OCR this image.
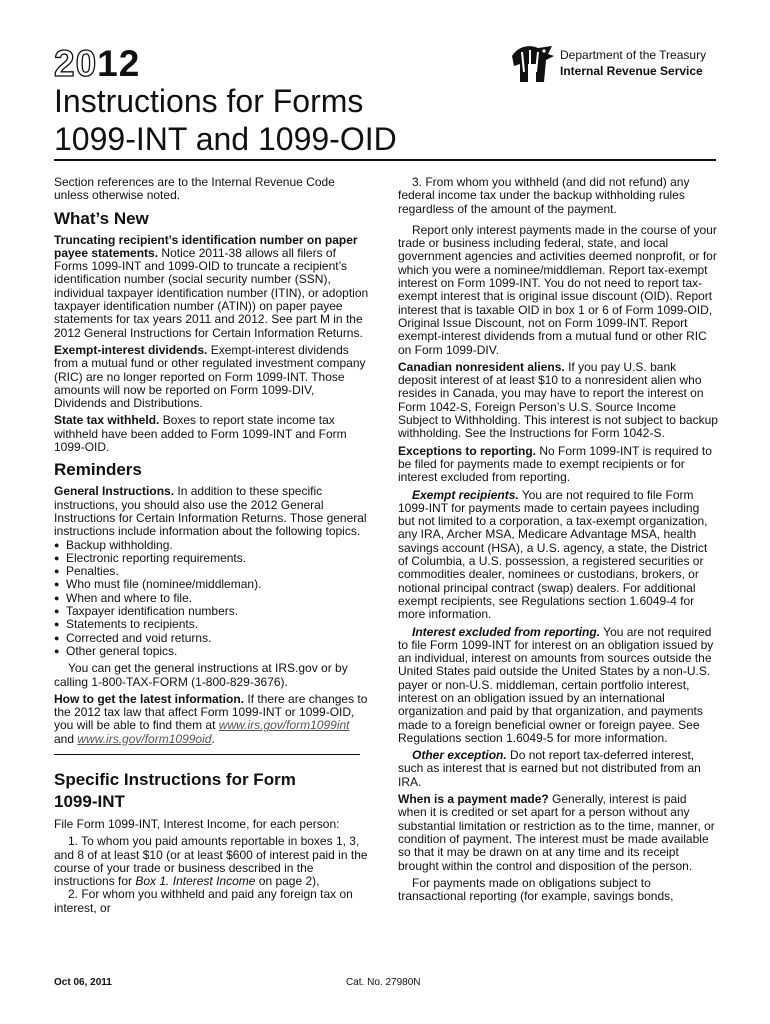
2012	Department of the Treasury
Internal Revenue Service
Instructions for Forms
1099-INT and 1099-OID

Section references are to the Internal Revenue Code unless otherwise noted.

What’s New

Truncating recipient’s identification number on paper payee statements. Notice 2011-38 allows all filers of Forms 1099-INT and 1099-OID to truncate a recipient’s identification number (social security number (SSN), individual taxpayer identification number (ITIN), or adoption taxpayer identification number (ATIN)) on paper payee statements for tax years 2011 and 2012. See part M in the 2012 General Instructions for Certain Information Returns.

Exempt-interest dividends. Exempt-interest dividends from a mutual fund or other regulated investment company (RIC) are no longer reported on Form 1099-INT. Those amounts will now be reported on Form 1099-DIV, Dividends and Distributions.

State tax withheld. Boxes to report state income tax withheld have been added to Form 1099-INT and Form 1099-OID.

Reminders

General Instructions. In addition to these specific instructions, you should also use the 2012 General Instructions for Certain Information Returns. Those general instructions include information about the following topics.

● Backup withholding.
● Electronic reporting requirements.
● Penalties.
● Who must file (nominee/middleman).
● When and where to file.
● Taxpayer identification numbers.
● Statements to recipients.
● Corrected and void returns.
● Other general topics.

You can get the general instructions at IRS.gov or by calling 1-800-TAX-FORM (1-800-829-3676).

How to get the latest information. If there are changes to the 2012 tax law that affect Form 1099-INT or 1099-OID, you will be able to find them at www.irs.gov/form1099int and www.irs.gov/form1099oid.

Specific Instructions for Form
1099-INT

File Form 1099-INT, Interest Income, for each person:

1. To whom you paid amounts reportable in boxes 1, 3, and 8 of at least $10 (or at least $600 of interest paid in the course of your trade or business described in the instructions for Box 1. Interest Income on page 2),

2. For whom you withheld and paid any foreign tax on interest, or

3. From whom you withheld (and did not refund) any federal income tax under the backup withholding rules regardless of the amount of the payment.

Report only interest payments made in the course of your trade or business including federal, state, and local government agencies and activities deemed nonprofit, or for which you were a nominee/middleman. Report tax-exempt interest on Form 1099-INT. You do not need to report tax-exempt interest that is original issue discount (OID). Report interest that is taxable OID in box 1 or 6 of Form 1099-OID, Original Issue Discount, not on Form 1099-INT. Report exempt-interest dividends from a mutual fund or other RIC on Form 1099-DIV.

Canadian nonresident aliens. If you pay U.S. bank deposit interest of at least $10 to a nonresident alien who resides in Canada, you may have to report the interest on Form 1042-S, Foreign Person’s U.S. Source Income Subject to Withholding. This interest is not subject to backup withholding. See the Instructions for Form 1042-S.

Exceptions to reporting. No Form 1099-INT is required to be filed for payments made to exempt recipients or for interest excluded from reporting.

Exempt recipients. You are not required to file Form 1099-INT for payments made to certain payees including but not limited to a corporation, a tax-exempt organization, any IRA, Archer MSA, Medicare Advantage MSA, health savings account (HSA), a U.S. agency, a state, the District of Columbia, a U.S. possession, a registered securities or commodities dealer, nominees or custodians, brokers, or notional principal contract (swap) dealers. For additional exempt recipients, see Regulations section 1.6049-4 for more information.

Interest excluded from reporting. You are not required to file Form 1099-INT for interest on an obligation issued by an individual, interest on amounts from sources outside the United States paid outside the United States by a non-U.S. payer or non-U.S. middleman, certain portfolio interest, interest on an obligation issued by an international organization and paid by that organization, and payments made to a foreign beneficial owner or foreign payee. See Regulations section 1.6049-5 for more information.

Other exception. Do not report tax-deferred interest, such as interest that is earned but not distributed from an IRA.

When is a payment made? Generally, interest is paid when it is credited or set apart for a person without any substantial limitation or restriction as to the time, manner, or condition of payment. The interest must be made available so that it may be drawn on at any time and its receipt brought within the control and disposition of the person.

For payments made on obligations subject to transactional reporting (for example, savings bonds,

Oct 06, 2011	Cat. No. 27980N
